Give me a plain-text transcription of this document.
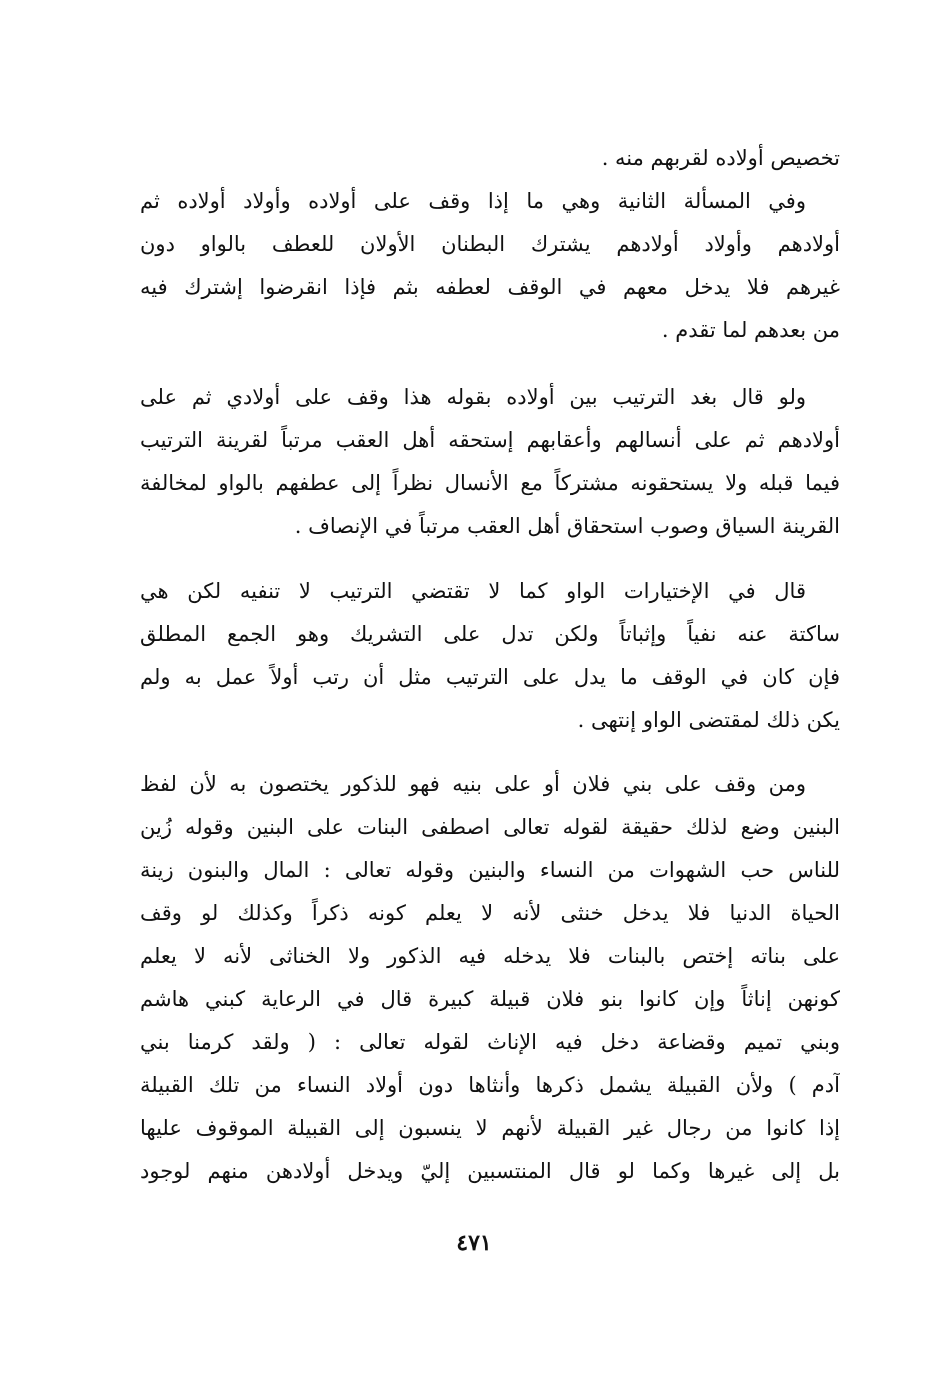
تخصيص أولاده لقربهم منه .
وفي المسألة الثانية وهي ما إذا وقف على أولاده وأولاد أولاده ثم
أولادهم وأولاد أولادهم يشترك البطنان الأولان للعطف بالواو دون
غيرهم فلا يدخل معهم في الوقف لعطفه بثم فإذا انقرضوا إشترك فيه
من بعدهم لما تقدم .
ولو قال بغد الترتيب بين أولاده بقوله هذا وقف على أولادي ثم على
أولادهم ثم على أنسالهم وأعقابهم إستحقه أهل العقب مرتباً لقرينة الترتيب
فيما قبله ولا يستحقونه مشتركاً مع الأنسال نظراً إلى عطفهم بالواو لمخالفة
القرينة السياق وصوب استحقاق أهل العقب مرتباً في الإنصاف .
قال في الإختيارات الواو كما لا تقتضي الترتيب لا تنفيه لكن هي
ساكتة عنه نفياً وإثباتاً ولكن تدل على التشريك وهو الجمع المطلق
فإن كان في الوقف ما يدل على الترتيب مثل أن رتب أولاً عمل به ولم
يكن ذلك لمقتضى الواو إنتهى .
ومن وقف على بني فلان أو على بنيه فهو للذكور يختصون به لأن لفظ
البنين وضع لذلك حقيقة لقوله تعالى اصطفى البنات على البنين وقوله زُين
للناس حب الشهوات من النساء والبنين وقوله تعالى : المال والبنون زينة
الحياة الدنيا فلا يدخل خنثى لأنه لا يعلم كونه ذكراً وكذلك لو وقف
على بناته إختص بالبنات فلا يدخله فيه الذكور ولا الخناثى لأنه لا يعلم
كونهن إناثاً وإن كانوا بنو فلان قبيلة كبيرة قال في الرعاية كبني هاشم
وبني تميم وقضاعة دخل فيه الإناث لقوله تعالى : ( ولقد كرمنا بني
آدم ) ولأن القبيلة يشمل ذكرها وأنثاها دون أولاد النساء من تلك القبيلة
إذا كانوا من رجال غير القبيلة لأنهم لا ينسبون إلى القبيلة الموقوف عليها
بل إلى غيرها وكما لو قال المنتسبين إليّ ويدخل أولادهن منهم لوجود
٤٧١
